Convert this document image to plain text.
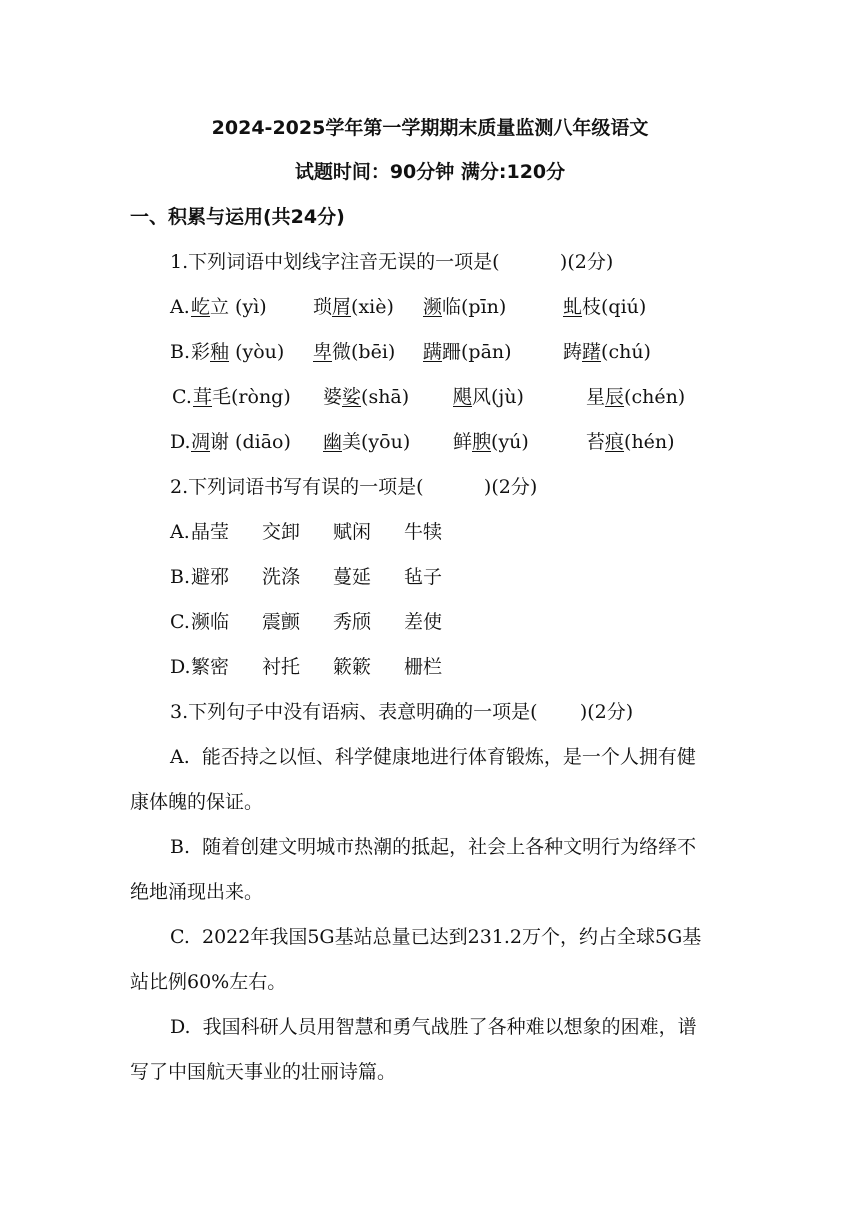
2024-2025学年第一学期期末质量监测八年级语文
试题时间：90分钟 满分:120分
一、积累与运用(共24分)
1.下列词语中划线字注音无误的一项是(          )(2分)
A. 屹立 (yì) 琐屑(xiè) 濒临(pīn)	虬枝(qiú)
B. 彩釉 (yòu) 卑微(bēi) 蹒跚(pān)	踌躇(chú)
C. 茸毛(ròng) 婆娑(shā) 飓风(jù)	星辰(chén)
D. 凋谢 (diāo) 幽美(yōu) 鲜腴(yú)	苔痕(hén)
2.下列词语书写有误的一项是(          )(2分)
A. 晶莹 交卸 赋闲 牛犊
B. 避邪 洗涤 蔓延 毡子
C. 濒临 震颤 秀颀 差使
D. 繁密 衬托 簌簌 栅栏
3.下列句子中没有语病、表意明确的一项是(       )(2分)
A.  能否持之以恒、科学健康地进行体育锻炼，是一个人拥有健
康体魄的保证。
B.  随着创建文明城市热潮的抵起，社会上各种文明行为络绎不
绝地涌现出来。
C.  2022年我国5G基站总量已达到231.2万个，约占全球5G基
站比例60%左右。
D.  我国科研人员用智慧和勇气战胜了各种难以想象的困难，谱
写了中国航天事业的壮丽诗篇。
